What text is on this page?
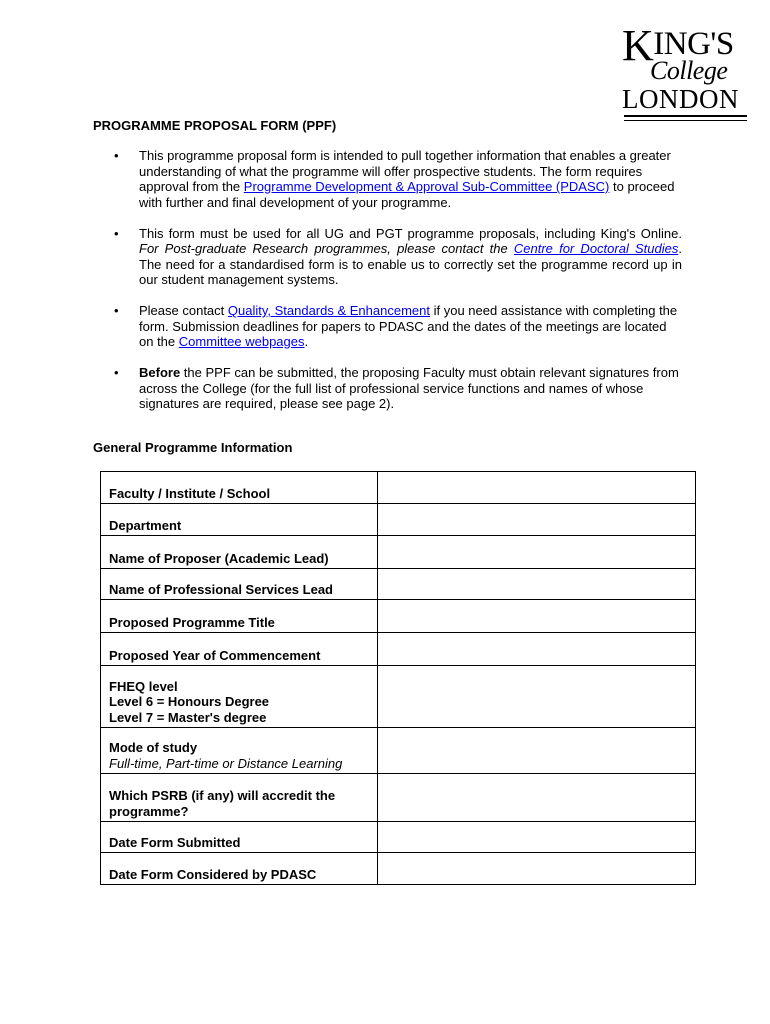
KING'S
College
LONDON
PROGRAMME PROPOSAL FORM (PPF)
• This programme proposal form is intended to pull together information that enables a greater understanding of what the programme will offer prospective students. The form requires approval from the Programme Development & Approval Sub-Committee (PDASC) to proceed with further and final development of your programme.
• This form must be used for all UG and PGT programme proposals, including King's Online. For Post-graduate Research programmes, please contact the Centre for Doctoral Studies. The need for a standardised form is to enable us to correctly set the programme record up in our student management systems.
• Please contact Quality, Standards & Enhancement if you need assistance with completing the form. Submission deadlines for papers to PDASC and the dates of the meetings are located on the Committee webpages.
• Before the PPF can be submitted, the proposing Faculty must obtain relevant signatures from across the College (for the full list of professional service functions and names of whose signatures are required, please see page 2).
General Programme Information
Faculty / Institute / School	
Department	
Name of Proposer (Academic Lead)	
Name of Professional Services Lead	
Proposed Programme Title	
Proposed Year of Commencement	

FHEQ level
Level 6 = Honours Degree
Level 7 = Master's degree	

Mode of study
Full-time, Part-time or Distance Learning	

Which PSRB (if any) will accredit the programme?	
Date Form Submitted	
Date Form Considered by PDASC	
